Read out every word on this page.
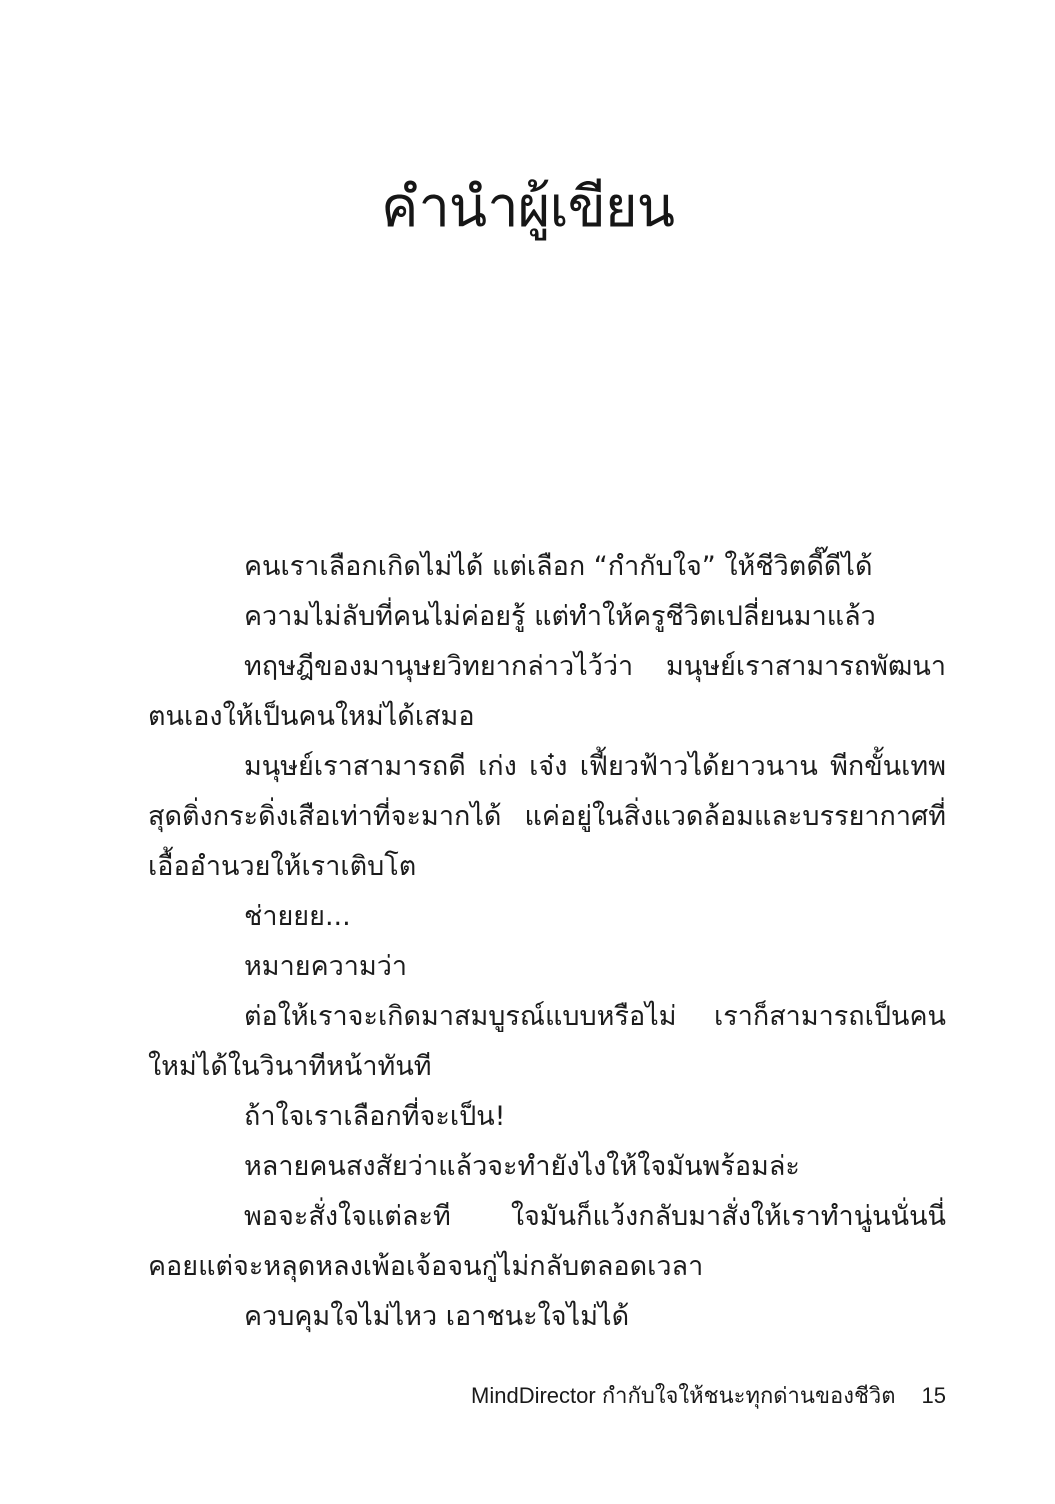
คำนำผู้เขียน

คนเราเลือกเกิดไม่ได้ แต่เลือก “กำกับใจ” ให้ชีวิตดี๊ดีได้

ความไม่ลับที่คนไม่ค่อยรู้ แต่ทำให้ครูชีวิตเปลี่ยนมาแล้ว

ทฤษฎีของมานุษยวิทยากล่าวไว้ว่า มนุษย์เราสามารถพัฒนาตนเองให้เป็นคนใหม่ได้เสมอ

มนุษย์เราสามารถดี เก่ง เจ๋ง เฟี้ยวฟ้าวได้ยาวนาน พีกขั้นเทพสุดติ่งกระดิ่งเสือเท่าที่จะมากได้ แค่อยู่ในสิ่งแวดล้อมและบรรยากาศที่เอื้ออำนวยให้เราเติบโต

ช่ายยย...

หมายความว่า

ต่อให้เราจะเกิดมาสมบูรณ์แบบหรือไม่ เราก็สามารถเป็นคนใหม่ได้ในวินาทีหน้าทันที

ถ้าใจเราเลือกที่จะเป็น!

หลายคนสงสัยว่าแล้วจะทำยังไงให้ใจมันพร้อมล่ะ

พอจะสั่งใจแต่ละที ใจมันก็แว้งกลับมาสั่งให้เราทำนู่นนั่นนี่ คอยแต่จะหลุดหลงเพ้อเจ้อจนกู่ไม่กลับตลอดเวลา

ควบคุมใจไม่ไหว เอาชนะใจไม่ได้

MindDirector กำกับใจให้ชนะทุกด่านของชีวิต 15
